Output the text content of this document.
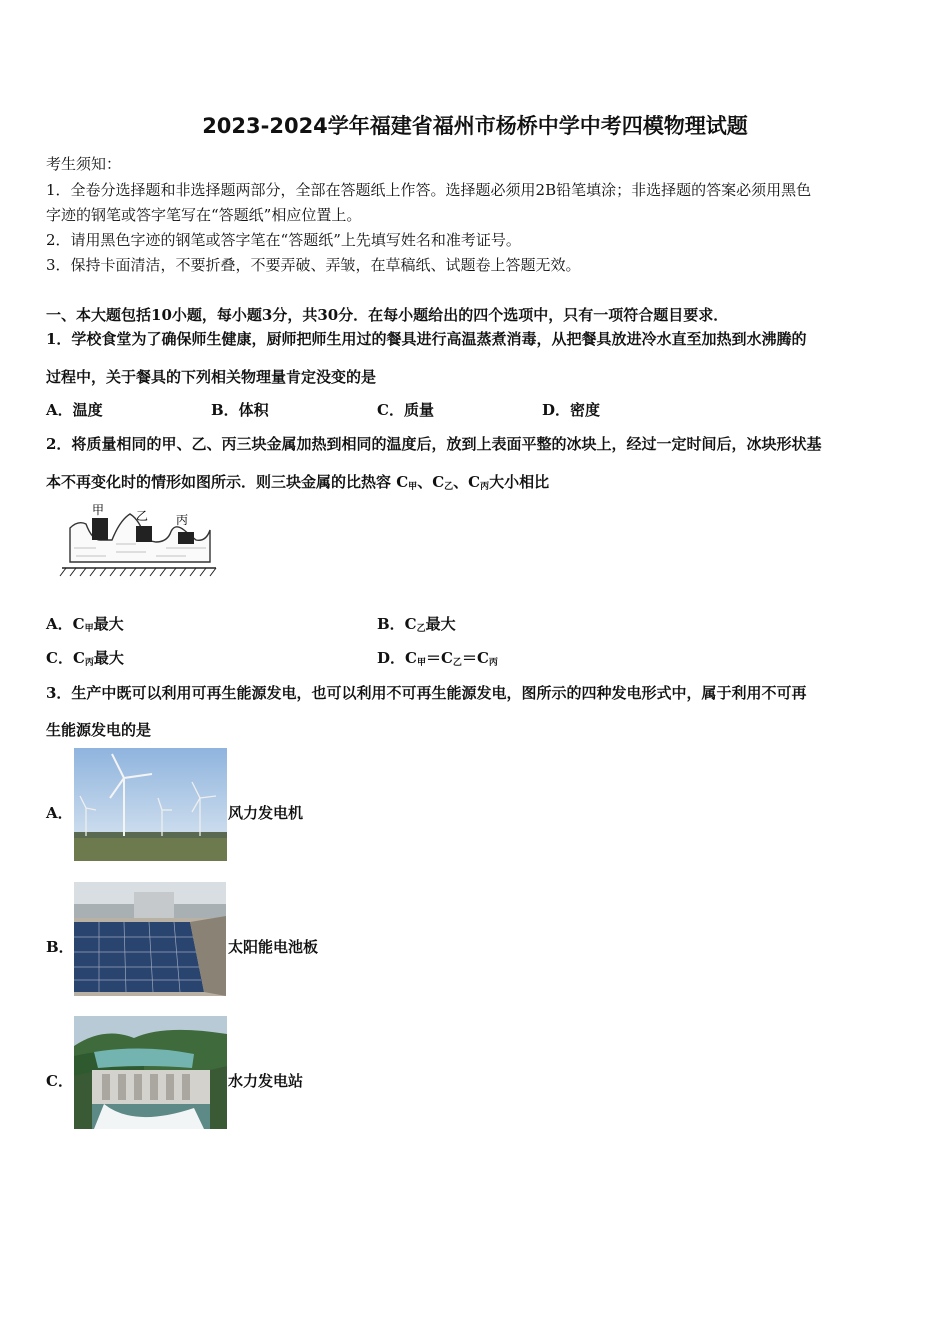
2023-2024学年福建省福州市杨桥中学中考四模物理试题
考生须知：
1．全卷分选择题和非选择题两部分，全部在答题纸上作答。选择题必须用2B铅笔填涂；非选择题的答案必须用黑色
字迹的钢笔或答字笔写在“答题纸”相应位置上。
2．请用黑色字迹的钢笔或答字笔在“答题纸”上先填写姓名和准考证号。
3．保持卡面清洁，不要折叠，不要弄破、弄皱，在草稿纸、试题卷上答题无效。
一、本大题包括10小题，每小题3分，共30分．在每小题给出的四个选项中，只有一项符合题目要求．
1．学校食堂为了确保师生健康，厨师把师生用过的餐具进行高温蒸煮消毒，从把餐具放进冷水直至加热到水沸腾的
过程中，关于餐具的下列相关物理量肯定没变的是
A．温度	B．体积	C．质量	D．密度
2．将质量相同的甲、乙、丙三块金属加热到相同的温度后，放到上表面平整的冰块上，经过一定时间后，冰块形状基
本不再变化时的情形如图所示．则三块金属的比热容 $C_甲$、$C_乙$、$C_丙$大小相比
甲	乙 丙
A．$C_甲$最大	B．$C_乙$最大
C．$C_丙$最大	D．$C_甲=C_乙=C_丙$
3．生产中既可以利用可再生能源发电，也可以利用不可再生能源发电，图所示的四种发电形式中，属于利用不可再
生能源发电的是
A．	风力发电机
B．	太阳能电池板
C．	水力发电站
